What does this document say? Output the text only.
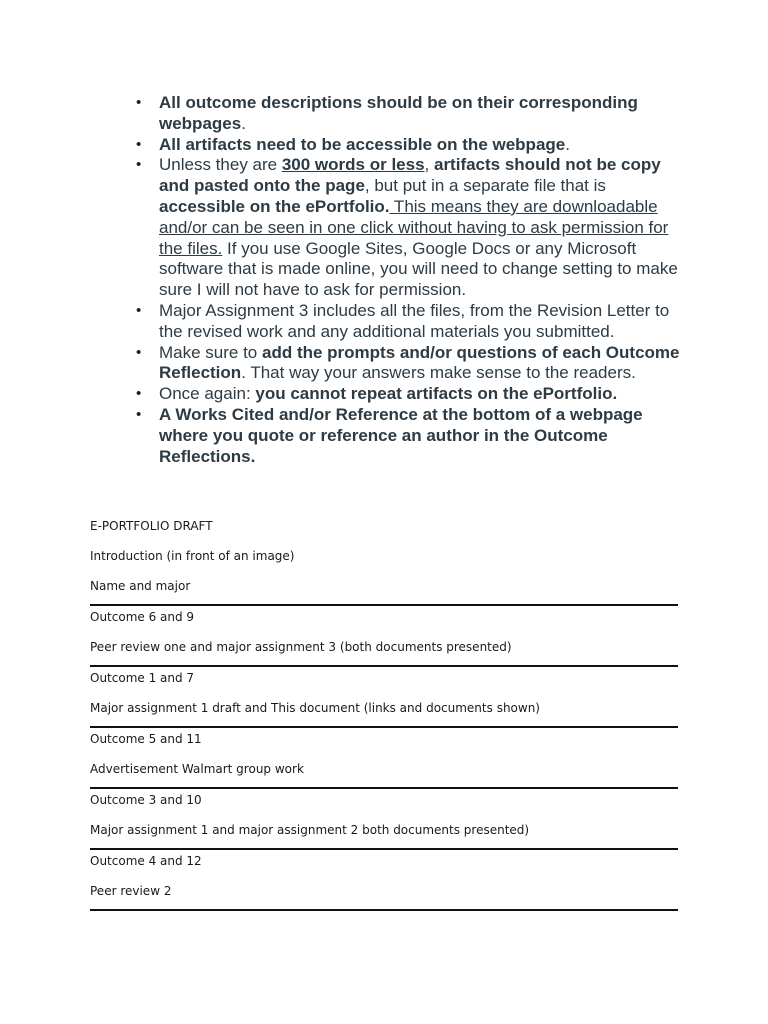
• All outcome descriptions should be on their corresponding webpages.
• All artifacts need to be accessible on the webpage.
• Unless they are 300 words or less, artifacts should not be copy and pasted onto the page, but put in a separate file that is accessible on the ePortfolio. This means they are downloadable and/or can be seen in one click without having to ask permission for the files. If you use Google Sites, Google Docs or any Microsoft software that is made online, you will need to change setting to make sure I will not have to ask for permission.
• Major Assignment 3 includes all the files, from the Revision Letter to the revised work and any additional materials you submitted.
• Make sure to add the prompts and/or questions of each Outcome Reflection. That way your answers make sense to the readers.
• Once again: you cannot repeat artifacts on the ePortfolio.
• A Works Cited and/or Reference at the bottom of a webpage where you quote or reference an author in the Outcome Reflections.
E-PORTFOLIO DRAFT
Introduction (in front of an image)
Name and major
Outcome 6 and 9
Peer review one and major assignment 3 (both documents presented)
Outcome 1 and 7
Major assignment 1 draft and This document (links and documents shown)
Outcome 5 and 11
Advertisement Walmart group work
Outcome 3 and 10
Major assignment 1 and major assignment 2 both documents presented)
Outcome 4 and 12
Peer review 2
